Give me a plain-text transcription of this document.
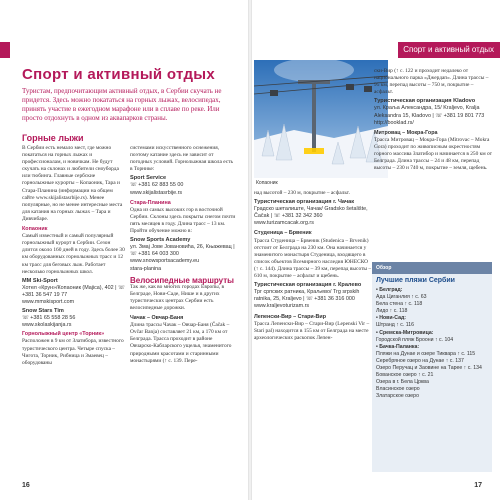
Спорт и активный отдых
Туристам, предпочитающим активный отдых, в Сербии скучать не придется. Здесь можно покататься на горных лыжах, велосипедах, принять участие в ежегодном марафоне или в сплаве по реке. Или просто отдохнуть в одном из аквапарков страны.
Горные лыжи
В Сербии есть немало мест, где можно покататься на горных лыжах и профессионалам, и новичкам. Не будут скучать на склонах и любители сноуборда или тюбинга. Главные сербские горнолыжные курорты – Копаоник, Тара и Стара-Планина (информации на общем сайте www.skijalistasrbije.rs). Менее популярные, но не менее интересные места для катания на горных лыжах – Тара и Дивчибаре.
Копаоник
Самый известный и самый популярный горнолыжный курорт в Сербии. Сезон длится около 160 дней в году. Здесь более 30 км оборудованных горнолыжных трасс и 12 км трасс для беговых лыж. Работает несколько горнолыжных школ.
MM Ski-Sport
Хотел «Крун»/Копаоник (Majica), 402 | ☏ +381 36 547 19 77
www.mmskisport.com
Snow Stars Tim
☏ +381 65 558 28 56
www.skolaskijanja.rs
Горнолыжный центр «Торник»
Расположен в 9 км от Златибора, известного туристического центра. Четыре спуска – Чигота, Торник, Рибница и Змаевец – оборудованы
системами искусственного оснежения, поэтому катание здесь не зависит от погодных условий. Горнолыжная школа есть в Торнике:
Sport Service
☏ +381 62 883 55 00
www.skijalistasrbije.rs
Стара-Планина
Одна из самых высоких гор в восточной Сербии. Склоны здесь покрыты снегом почти пять месяцев в году. Длина трасс – 13 км. Пройти обучение можно в:
Snow Sports Academy
ул. Змај Јове Јовановића, 26, Књажевац | ☏ +381 64 003 300
www.snowsportsacademy.eu
stara-planina
Велосипедные маршруты
Так же, как во многих городах Европы, в Белграде, Нови-Саде, Нише и в других туристических центрах Сербии есть велосипедные дорожки.
Чачак – Овчар-Баня
Длина трассы Чачак – Овчар-Баня (Čačak – Ovčar Banja) составляет 21 км, а 170 км от Белграда. Трасса проходит в районе Овчарско-Кабларского ущелья, знаменитого природными красотами и старинными монастырями (↑ с. 139. Пере-
16
Спорт и активный отдых
Копаоник
над высотой – 230 м, покрытие – асфальт.
Туристическая организация г. Чачак
Градско шеталиште, Чачак/ Gradsko šetalište, Čačak | ☏ +381 32 342 360
www.turizamcacak.org.rs
Студеница – Брвеник
Трасса Студеница – Брвеник (Studenica – Brvenik) отстоит от Белграда на 230 км. Она начинается у знаменитого монастыря Студеница, входящего в список объектов Всемирного наследия ЮНЕСКО (↑ с. 144). Длина трассы – 39 км, перепад высоты – 610 м, покрытие – асфальт и щебень.
Туристическая организация г. Кралево
Трг српских ратника, Краљево/ Trg srpskih ratnika, 25, Kraljevo | ☏ +381 36 316 000
www.kraljevoturizam.rs
Лепенски-Вир – Стари-Вир
Трасса Лепенски-Вир – Стари-Вир (Lepenski Vir – Stari pal) находится в 155 км от Белграда на месте археологических раскопок Лепен-
ски-Вир (↑ с. 122 и проходит недалеко от национального парка «Джердап». Длина трассы – 95 км, перепад высоты – 750 м, покрытие – асфальт.
Туристическая организация Kladovo
ул. Краља Александра, 15/ Kraljevo, Kralja Aleksandra 15, Kladovo | ☏ +381 19 801 773
http://booklad.rs/
Митровац – Мокра-Гора
Трасса Митровац – Мокра-Гора (Mitrovac – Mokra Gora) проходит по живописным окрестностям горного массива Златибор и начинается в 250 км от Белграда. Длина трассы – 24 и 48 км, перепад высоты – 230 и 740 м, покрытие – земля, щебень.
Обзор
Лучшие пляжи Сербии
• Белград:
Ада Циганлия ↑ с. 63
Бела стена ↑ с. 118
Лидо ↑ с. 118
• Нови-Сад:
Штранд ↑ с. 116
• Сремска-Митровица:
Городской пляж Броони ↑ с. 104
• Бачка-Паланка:
Пляжи на Дунае и озере Тиквара ↑ с. 115
Серебряное озеро на Дунае ↑ с. 137
Озеро Перучац и Заовине на Тарее ↑ с. 134
Бованское озеро ↑ с. 21
Озера в г. Бела Црква
Власинское озеро
Златарское озеро
17
